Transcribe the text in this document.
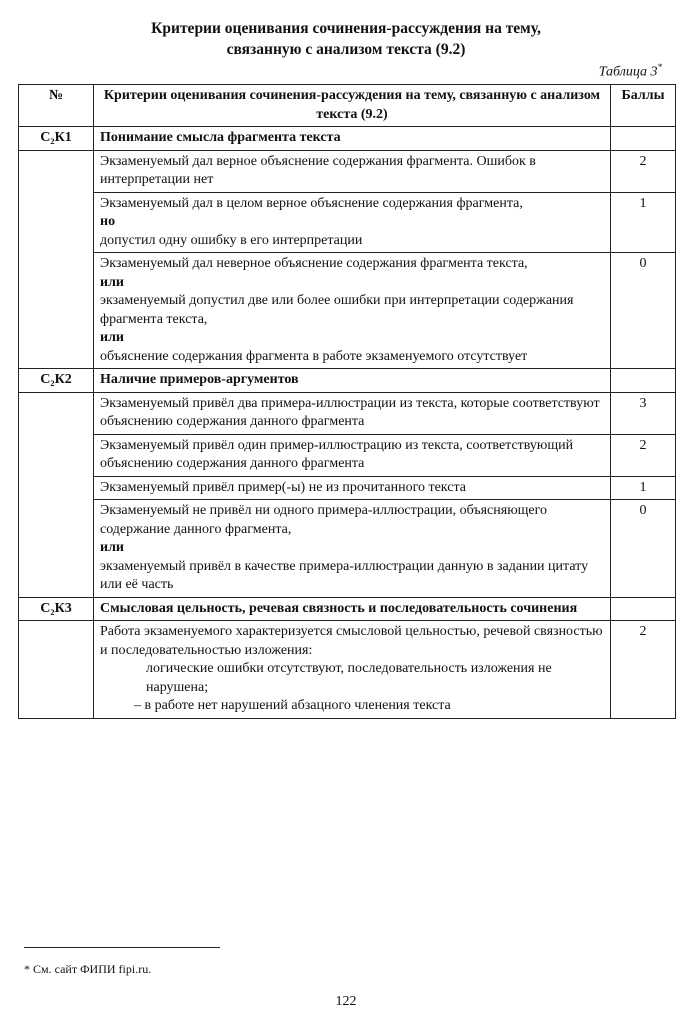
Критерии оценивания сочинения-рассуждения на тему,
связанную с анализом текста (9.2)
Таблица 3*
№	Критерии оценивания сочинения-рассуждения на тему, связанную с анализом текста (9.2)	Баллы
С₂К1	Понимание смысла фрагмента текста	

	Экзаменуемый дал верное объяснение содержания фрагмента. Ошибок в интерпретации нет	2

	Экзаменуемый дал в целом верное объяснение содержания фрагмента,
но
допустил одну ошибку в его интерпретации	1

	Экзаменуемый дал неверное объяснение содержания фрагмента текста,
или
экзаменуемый допустил две или более ошибки при интерпретации содержания фрагмента текста,
или
объяснение содержания фрагмента в работе экзаменуемого отсутствует	0
С₂К2	Наличие примеров-аргументов	

	Экзаменуемый привёл два примера-иллюстрации из текста, которые соответствуют объяснению содержания данного фрагмента	3

	Экзаменуемый привёл один пример-иллюстрацию из текста, соответствующий объяснению содержания данного фрагмента	2

	Экзаменуемый привёл пример(-ы) не из прочитанного текста	1

	Экзаменуемый не привёл ни одного примера-иллюстрации, объясняющего содержание данного фрагмента,
или
экзаменуемый привёл в качестве примера-иллюстрации данную в задании цитату или её часть	0
С₂К3	Смысловая цельность, речевая связность и последовательность сочинения	

	Работа экзаменуемого характеризуется смысловой цельностью, речевой связностью и последовательностью изложения:
логические ошибки отсутствуют, последовательность изложения не нарушена;
– в работе нет нарушений абзацного членения текста	2
* См. сайт ФИПИ fipi.ru.
122
